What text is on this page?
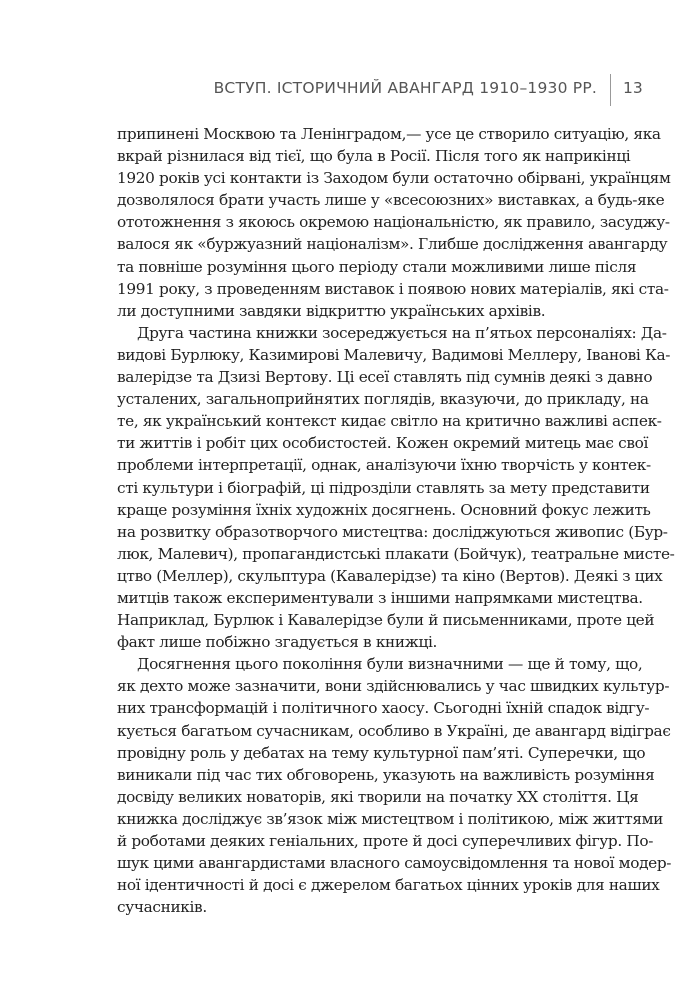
ВСТУП. ІСТОРИЧНИЙ АВАНГАРД 1910–1930 РР. 13
припинені Москвою та Ленінградом,— усе це створило ситуацію, яка
вкрай різнилася від тієї, що була в Росії. Після того як наприкінці
1920 років усі контакти із Заходом були остаточно обірвані, українцям
дозволялося брати участь лише у «всесоюзних» виставках, а будь-яке
ототожнення з якоюсь окремою національністю, як правило, засуджу-
валося як «буржуазний націоналізм». Глибше дослідження авангарду
та повніше розуміння цього періоду стали можливими лише після
1991 року, з проведенням виставок і появою нових матеріалів, які ста-
ли доступними завдяки відкриттю українських архівів.
Друга частина книжки зосереджується на п’ятьох персоналіях: Да-
видові Бурлюку, Казимирові Малевичу, Вадимові Меллеру, Іванові Ка-
валерідзе та Дзизі Вертову. Ці есеї ставлять під сумнів деякі з давно
усталених, загальноприйнятих поглядів, вказуючи, до прикладу, на
те, як український контекст кидає світло на критично важливі аспек-
ти життів і робіт цих особистостей. Кожен окремий митець має свої
проблеми інтерпретації, однак, аналізуючи їхню творчість у контек-
сті культури і біографій, ці підрозділи ставлять за мету представити
краще розуміння їхніх художніх досягнень. Основний фокус лежить
на розвитку образотворчого мистецтва: досліджуються живопис (Бур-
люк, Малевич), пропагандистські плакати (Бойчук), театральне мисте-
цтво (Меллер), скульптура (Кавалерідзе) та кіно (Вертов). Деякі з цих
митців також експериментували з іншими напрямками мистецтва.
Наприклад, Бурлюк і Кавалерідзе були й письменниками, проте цей
факт лише побіжно згадується в книжці.
Досягнення цього покоління були визначними — ще й тому, що,
як дехто може зазначити, вони здійснювались у час швидких культур-
них трансформацій і політичного хаосу. Сьогодні їхній спадок відгу-
кується багатьом сучасникам, особливо в Україні, де авангард відіграє
провідну роль у дебатах на тему культурної пам’яті. Суперечки, що
виникали під час тих обговорень, указують на важливість розуміння
досвіду великих новаторів, які творили на початку XX століття. Ця
книжка досліджує зв’язок між мистецтвом і політикою, між життями
й роботами деяких геніальних, проте й досі суперечливих фігур. По-
шук цими авангардистами власного самоусвідомлення та нової модер-
ної ідентичності й досі є джерелом багатьох цінних уроків для наших
сучасників.
